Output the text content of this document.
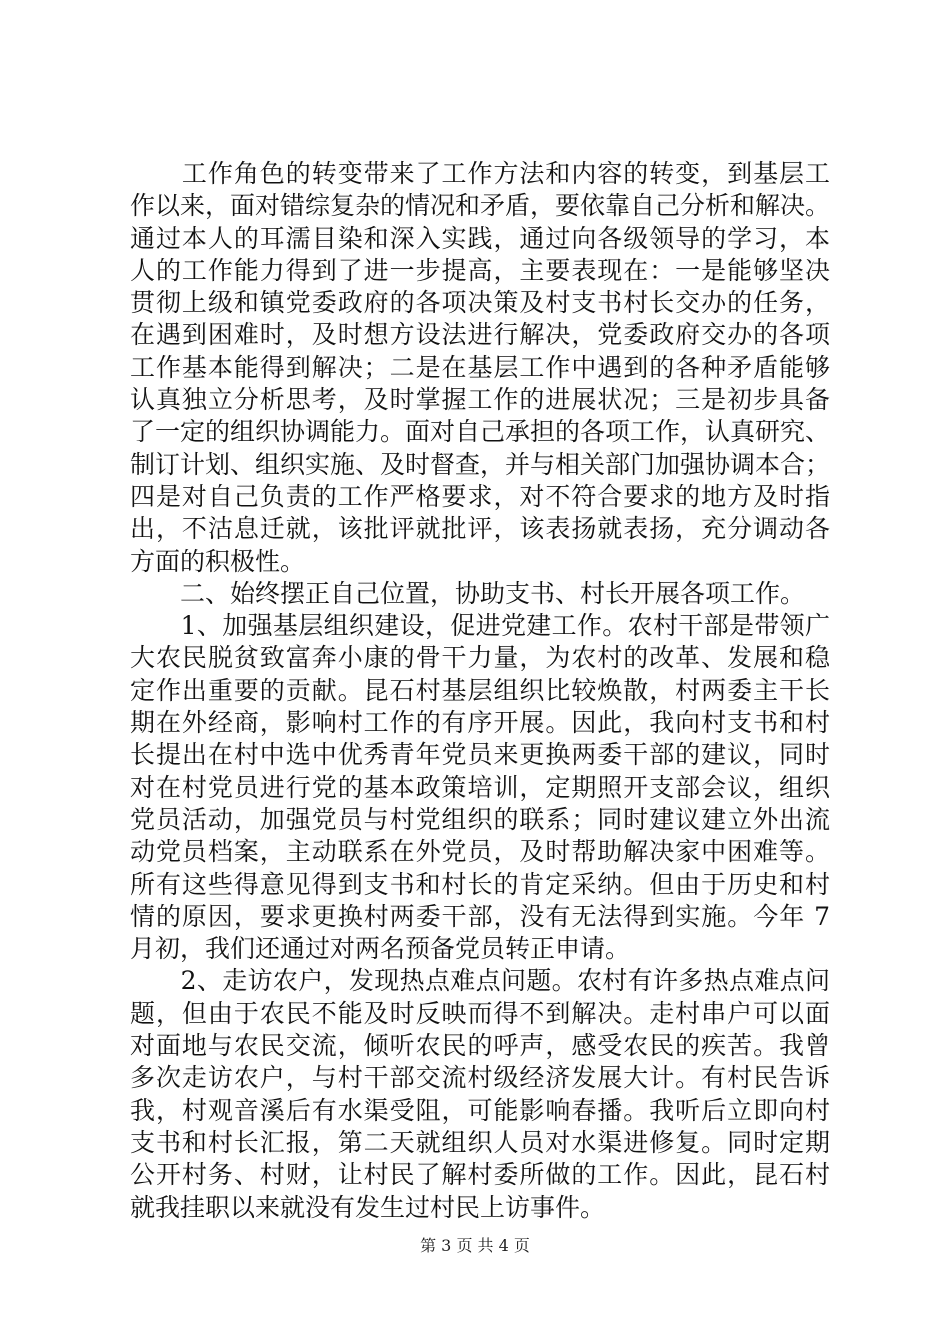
　　工作角色的转变带来了工作方法和内容的转变，到基层工
作以来，面对错综复杂的情况和矛盾，要依靠自己分析和解决。
通过本人的耳濡目染和深入实践，通过向各级领导的学习，本
人的工作能力得到了进一步提高，主要表现在：一是能够坚决
贯彻上级和镇党委政府的各项决策及村支书村长交办的任务，
在遇到困难时，及时想方设法进行解决，党委政府交办的各项
工作基本能得到解决；二是在基层工作中遇到的各种矛盾能够
认真独立分析思考，及时掌握工作的进展状况；三是初步具备
了一定的组织协调能力。面对自己承担的各项工作，认真研究、
制订计划、组织实施、及时督查，并与相关部门加强协调本合；
四是对自己负责的工作严格要求，对不符合要求的地方及时指
出，不沽息迁就，该批评就批评，该表扬就表扬，充分调动各
方面的积极性。
　　二、始终摆正自己位置，协助支书、村长开展各项工作。
　　1、加强基层组织建设，促进党建工作。农村干部是带领广
大农民脱贫致富奔小康的骨干力量，为农村的改革、发展和稳
定作出重要的贡献。昆石村基层组织比较焕散，村两委主干长
期在外经商，影响村工作的有序开展。因此，我向村支书和村
长提出在村中选中优秀青年党员来更换两委干部的建议，同时
对在村党员进行党的基本政策培训，定期照开支部会议，组织
党员活动，加强党员与村党组织的联系；同时建议建立外出流
动党员档案，主动联系在外党员，及时帮助解决家中困难等。
所有这些得意见得到支书和村长的肯定采纳。但由于历史和村
情的原因，要求更换村两委干部，没有无法得到实施。今年 7
月初，我们还通过对两名预备党员转正申请。
　　2、走访农户，发现热点难点问题。农村有许多热点难点问
题，但由于农民不能及时反映而得不到解决。走村串户可以面
对面地与农民交流，倾听农民的呼声，感受农民的疾苦。我曾
多次走访农户，与村干部交流村级经济发展大计。有村民告诉
我，村观音溪后有水渠受阻，可能影响春播。我听后立即向村
支书和村长汇报，第二天就组织人员对水渠进修复。同时定期
公开村务、村财，让村民了解村委所做的工作。因此，昆石村
就我挂职以来就没有发生过村民上访事件。
第 3 页 共 4 页
